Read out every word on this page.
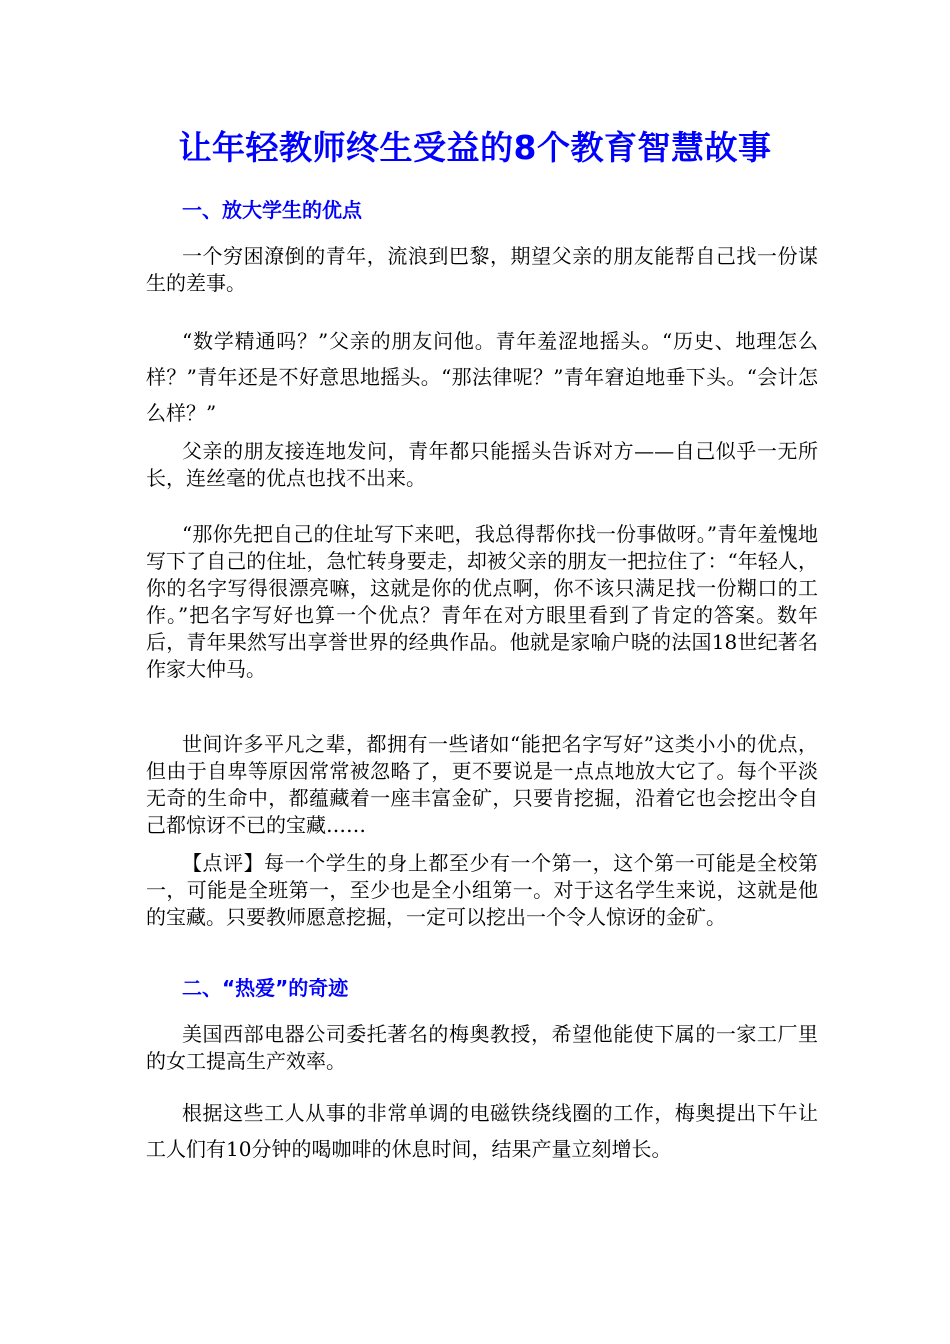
让年轻教师终生受益的8个教育智慧故事
一、放大学生的优点

一个穷困潦倒的青年，流浪到巴黎，期望父亲的朋友能帮自己找一份谋生的差事。

“数学精通吗？”父亲的朋友问他。青年羞涩地摇头。“历史、地理怎么样？”青年还是不好意思地摇头。“那法律呢？”青年窘迫地垂下头。“会计怎么样？”

父亲的朋友接连地发问，青年都只能摇头告诉对方——自己似乎一无所长，连丝毫的优点也找不出来。

“那你先把自己的住址写下来吧，我总得帮你找一份事做呀。”青年羞愧地写下了自己的住址，急忙转身要走，却被父亲的朋友一把拉住了：“年轻人，你的名字写得很漂亮嘛，这就是你的优点啊，你不该只满足找一份糊口的工作。”把名字写好也算一个优点？青年在对方眼里看到了肯定的答案。数年后，青年果然写出享誉世界的经典作品。他就是家喻户晓的法国18世纪著名作家大仲马。

世间许多平凡之辈，都拥有一些诸如“能把名字写好”这类小小的优点，但由于自卑等原因常常被忽略了，更不要说是一点点地放大它了。每个平淡无奇的生命中，都蕴藏着一座丰富金矿，只要肯挖掘，沿着它也会挖出令自己都惊讶不已的宝藏……

【点评】每一个学生的身上都至少有一个第一，这个第一可能是全校第一，可能是全班第一，至少也是全小组第一。对于这名学生来说，这就是他的宝藏。只要教师愿意挖掘，一定可以挖出一个令人惊讶的金矿。

二、“热爱”的奇迹

美国西部电器公司委托著名的梅奥教授，希望他能使下属的一家工厂里的女工提高生产效率。

根据这些工人从事的非常单调的电磁铁绕线圈的工作，梅奥提出下午让工人们有10分钟的喝咖啡的休息时间，结果产量立刻增长。
